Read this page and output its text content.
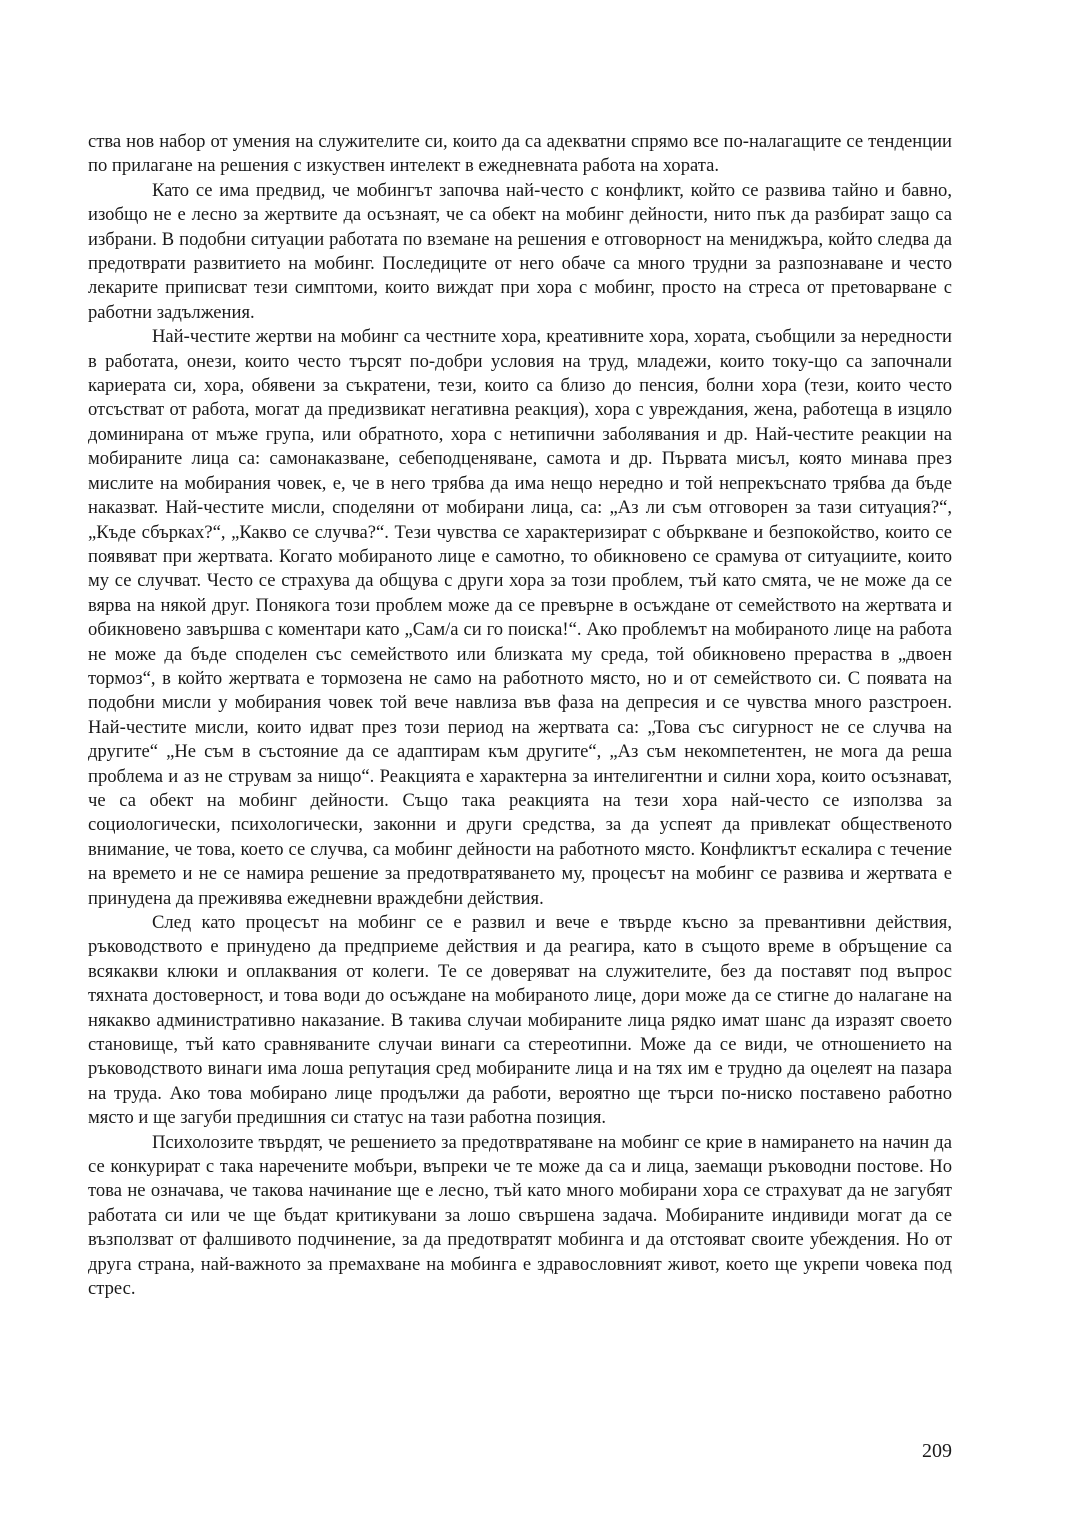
ства нов набор от умения на служителите си, които да са адекватни спрямо все по-налагащите се тенденции по прилагане на решения с изкуствен интелект в ежедневната работа на хората.

Като се има предвид, че мобингът започва най-често с конфликт, който се развива тайно и бавно, изобщо не е лесно за жертвите да осъзнаят, че са обект на мобинг дейности, нито пък да разбират защо са избрани. В подобни ситуации работата по вземане на решения е отговорност на мениджъра, който следва да предотврати развитието на мобинг. Последиците от него обаче са много трудни за разпознаване и често лекарите приписват тези симптоми, които виждат при хора с мобинг, просто на стреса от претоварване с работни задължения.

Най-честите жертви на мобинг са честните хора, креативните хора, хората, съобщили за нередности в работата, онези, които често търсят по-добри условия на труд, младежи, които току-що са започнали кариерата си, хора, обявени за съкратени, тези, които са близо до пенсия, болни хора (тези, които често отсъстват от работа, могат да предизвикат негативна реакция), хора с увреждания, жена, работеща в изцяло доминирана от мъже група, или обратното, хора с нетипични заболявания и др. Най-честите реакции на мобираните лица са: самонаказване, себеподценяване, самота и др. Първата мисъл, която минава през мислите на мобирания човек, е, че в него трябва да има нещо нередно и той непрекъснато трябва да бъде наказват. Най-честите мисли, споделяни от мобирани лица, са: „Аз ли съм отговорен за тази ситуация?“, „Къде сбърках?“, „Какво се случва?“. Тези чувства се характеризират с объркване и безпокойство, които се появяват при жертвата. Когато мобираното лице е самотно, то обикновено се срамува от ситуациите, които му се случват. Често се страхува да общува с други хора за този проблем, тъй като смята, че не може да се вярва на някой друг. Понякога този проблем може да се превърне в осъждане от семейството на жертвата и обикновено завършва с коментари като „Сам/а си го поиска!“. Ако проблемът на мобираното лице на работа не може да бъде споделен със семейството или близката му среда, той обикновено прераства в „двоен тормоз“, в който жертвата е тормозена не само на работното място, но и от семейството си. С появата на подобни мисли у мобирания човек той вече навлиза във фаза на депресия и се чувства много разстроен. Най-честите мисли, които идват през този период на жертвата са: „Това със сигурност не се случва на другите“ „Не съм в състояние да се адаптирам към другите“, „Аз съм некомпетентен, не мога да реша проблема и аз не струвам за нищо“. Реакцията е характерна за интелигентни и силни хора, които осъзнават, че са обект на мобинг дейности. Също така реакцията на тези хора най-често се използва за социологически, психологически, законни и други средства, за да успеят да привлекат общественото внимание, че това, което се случва, са мобинг дейности на работното място. Конфликтът ескалира с течение на времето и не се намира решение за предотвратяването му, процесът на мобинг се развива и жертвата е принудена да преживява ежедневни враждебни действия.

След като процесът на мобинг се е развил и вече е твърде късно за превантивни действия, ръководството е принудено да предприеме действия и да реагира, като в същото време в обръщение са всякакви клюки и оплаквания от колеги. Те се доверяват на служителите, без да поставят под въпрос тяхната достоверност, и това води до осъждане на мобираното лице, дори може да се стигне до налагане на някакво административно наказание. В такива случаи мобираните лица рядко имат шанс да изразят своето становище, тъй като сравняваните случаи винаги са стереотипни. Може да се види, че отношението на ръководството винаги има лоша репутация сред мобираните лица и на тях им е трудно да оцелеят на пазара на труда. Ако това мобирано лице продължи да работи, вероятно ще търси по-ниско поставено работно място и ще загуби предишния си статус на тази работна позиция.

Психолозите твърдят, че решението за предотвратяване на мобинг се крие в намирането на начин да се конкурират с така наречените мобъри, въпреки че те може да са и лица, заемащи ръководни постове. Но това не означава, че такова начинание ще е лесно, тъй като много мобирани хора се страхуват да не загубят работата си или че ще бъдат критикувани за лошо свършена задача. Мобираните индивиди могат да се възползват от фалшивото подчинение, за да предотвратят мобинга и да отстояват своите убеждения. Но от друга страна, най-важното за премахване на мобинга е здравословният живот, което ще укрепи човека под стрес.

209
